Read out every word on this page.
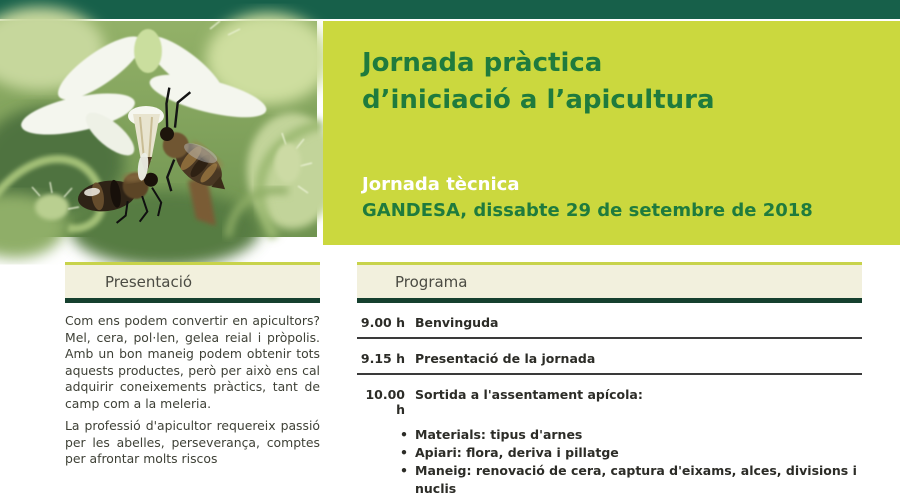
Jornada pràctica
d’iniciació a l’apicultura
Jornada tècnica
GANDESA, dissabte 29 de setembre de 2018
Presentació

Com ens podem convertir en apicultors? Mel, cera, pol·len, gelea reial i pròpolis. Amb un bon maneig podem obtenir tots aquests productes, però per això ens cal adquirir coneixements pràctics, tant de camp com a la meleria.

La professió d'apicultor requereix passió per les abelles, perseverança, comptes per afrontar molts riscos

Programa
9.00 h Benvinguda
9.15 h Presentació de la jornada
10.00 h
Sortida a l'assentament apícola:
• Materials: tipus d'arnes
• Apiari: flora, deriva i pillatge
• Maneig: renovació de cera, captura d'eixams, alces, divisions i nuclis
